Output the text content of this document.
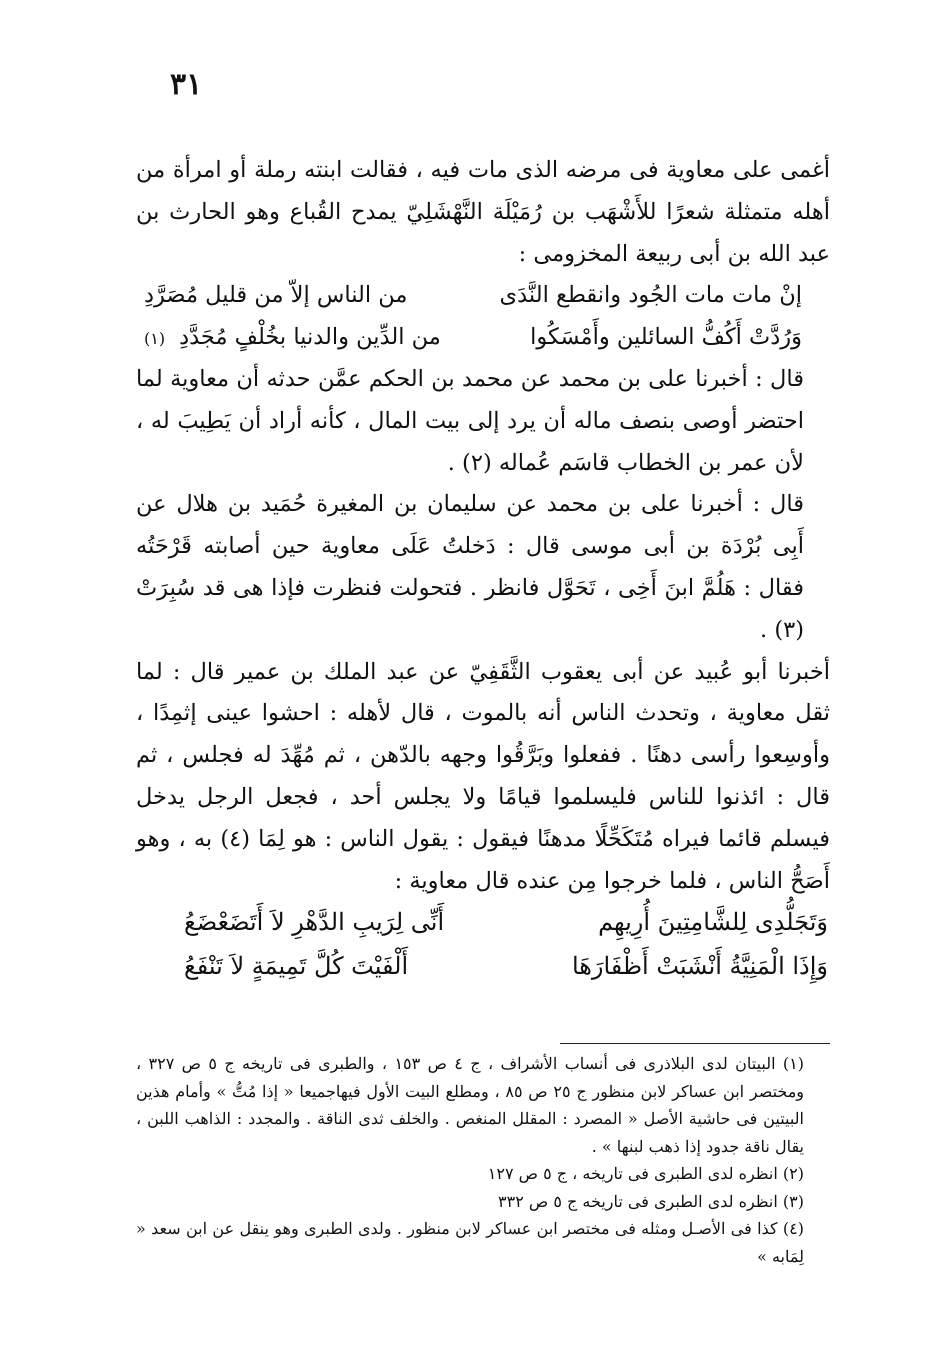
٣١

أغمى على معاوية فى مرضه الذى مات فيه ، فقالت ابنته رملة أو امرأة من أهله متمثلة شعرًا للأَشْهَب بن رُمَيْلَة النَّهْشَلِيّ يمدح القُباع وهو الحارث بن عبد الله بن أبى ربيعة المخزومى :

إنْ مات مات الجُود وانقطع النَّدَى
من الناس إلاّ من قليل مُصَرَّدِ
وَرُدَّتْ أَكُفُّ السائلين وأَمْسَكُوا
من الدِّين والدنيا بخُلْفٍ مُجَدَّدِ(١)

قال : أخبرنا على بن محمد عن محمد بن الحكم عمَّن حدثه أن معاوية لما احتضر أوصى بنصف ماله أن يرد إلى بيت المال ، كأنه أراد أن يَطِيبَ له ، لأن عمر بن الخطاب قاسَم عُماله (٢) .

قال : أخبرنا على بن محمد عن سليمان بن المغيرة حُمَيد بن هلال عن أَبِى بُرْدَة بن أبى موسى قال : دَخلتُ عَلَى معاوية حين أصابته قَرْحَتُه فقال : هَلُمَّ ابنَ أَخِى ، تَحَوَّل فانظر . فتحولت فنظرت فإذا هى قد سُبِرَتْ (٣) .

أخبرنا أبو عُبيد عن أبى يعقوب الثَّقَفِيّ عن عبد الملك بن عمير قال : لما ثقل معاوية ، وتحدث الناس أنه بالموت ، قال لأهله : احشوا عينى إثمِدًا ، وأوسِعوا رأسى دهنًا . ففعلوا وبَرَّقُوا وجهه بالدّهن ، ثم مُهِّدَ له فجلس ، ثم قال : ائذنوا للناس فليسلموا قيامًا ولا يجلس أحد ، فجعل الرجل يدخل فيسلم قائما فيراه مُتَكَحِّلًا مدهنًا فيقول : يقول الناس : هو لِمَا (٤) به ، وهو أَصَحُّ الناس ، فلما خرجوا مِن عنده قال معاوية :

وَتَجَلُّدِى لِلشَّامِتِينَ أُرِيهِم
أَنِّى لِرَيبِ الدَّهْرِ لاَ أَتَضَعْضَعُ
وَإِذَا الْمَنِيَّةُ أَنْشَبَتْ أَظْفَارَهَا
أَلْفَيْتَ كُلَّ تَمِيمَةٍ لاَ تَنْفَعُ

(١) البيتان لدى البلاذرى فى أنساب الأشراف ، ج ٤ ص ١٥٣ ، والطبرى فى تاريخه ج ٥ ص ٣٢٧ ، ومختصر ابن عساكر لابن منظور ج ٢٥ ص ٨٥ ، ومطلع البيت الأول فيهاجميعا « إذا مُتُّ » وأمام هذين البيتين فى حاشية الأصل « المصرد : المقلل المنغص . والخلف ثدى الناقة . والمجدد : الذاهب اللبن ، يقال ناقة جدود إذا ذهب لبنها » .

(٢) انظره لدى الطبرى فى تاريخه ، ج ٥ ص ١٢٧

(٣) انظره لدى الطبرى فى تاريخه ج ٥ ص ٣٣٢

(٤) كذا فى الأصـل ومثله فى مختصر ابن عساكر لابن منظور . ولدى الطبرى وهو ينقل عن ابن سعد « لِمَابه »
